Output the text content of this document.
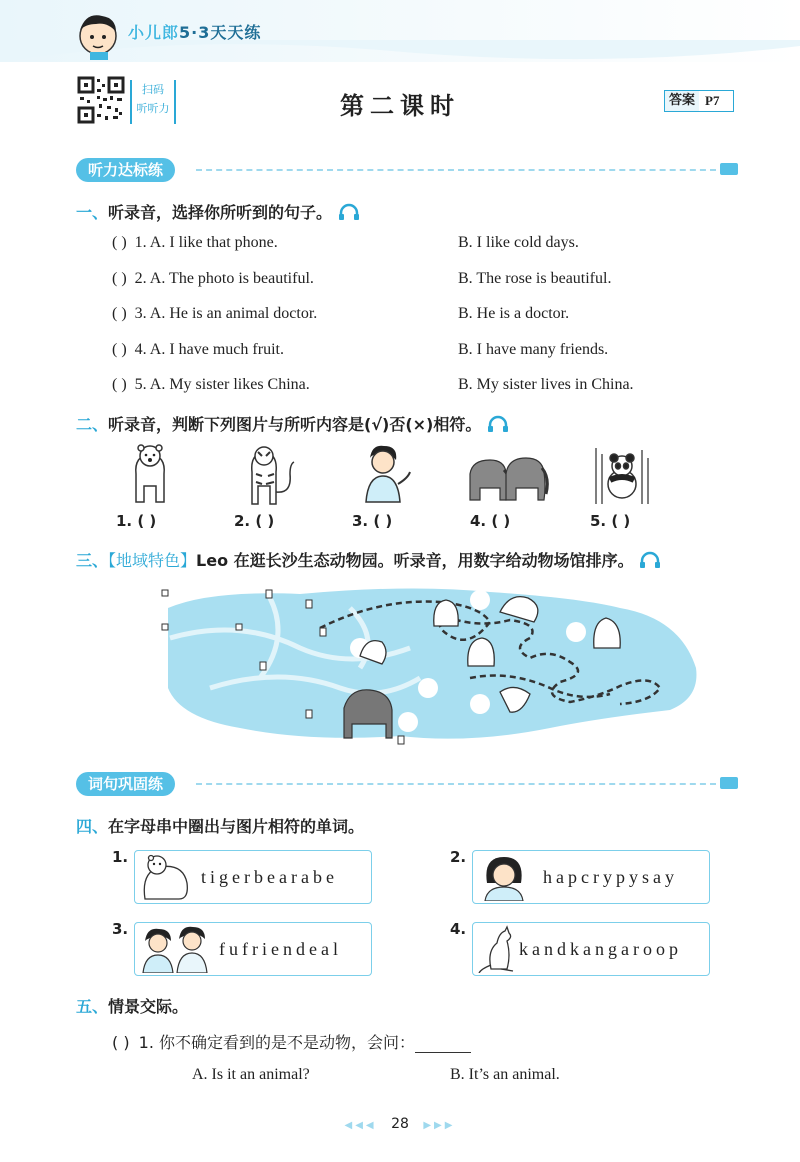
小儿郎5·3天天练
扫码
听听力	第二课时	答案 P7
听力达标练
一、听录音，选择你所听到的句子。
( ) 1. A. I like that phone.	B. I like cold days.
( ) 2. A. The photo is beautiful.	B. The rose is beautiful.
( ) 3. A. He is an animal doctor.	B. He is a doctor.
( ) 4. A. I have much fruit.	B. I have many friends.
( ) 5. A. My sister likes China.	B. My sister lives in China.
二、听录音，判断下列图片与所听内容是(√)否(×)相符。
1. ( )	2. ( )	3. ( )	4. ( )	5. ( )
三、【地域特色】Leo 在逛长沙生态动物园。听录音，用数字给动物场馆排序。
词句巩固练
四、在字母串中圈出与图片相符的单词。
1.
tigerbearabe
2.
hapcrypysay
3.
fufriendeal
4.
kandkangaroop
五、情景交际。
( ) 1. 你不确定看到的是不是动物，会问：
A. Is it an animal?	B. It’s an animal.
◀◀◀ 28 ▶▶▶
